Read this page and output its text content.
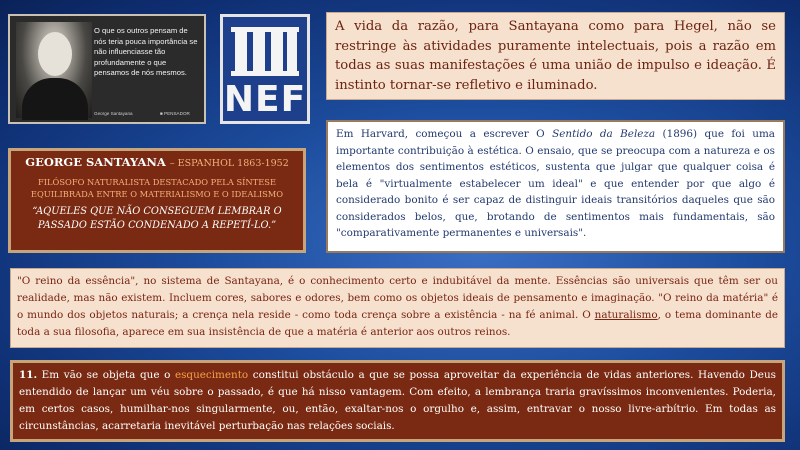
O que os outros pensam de nós teria pouca importância se não influenciasse tão profundamente o que pensamos de nós mesmos.
George Santayana	■ PENSADOR NEF
A vida da razão, para Santayana como para Hegel, não se restringe às atividades puramente intelectuais, pois a razão em todas as suas manifestações é uma união de impulso e ideação. É instinto tornar-se refletivo e iluminado.
GEORGE SANTAYANA – ESPANHOL 1863-1952
FILÓSOFO NATURALISTA DESTACADO PELA SÍNTESE EQUILIBRADA ENTRE O MATERIALISMO E O IDEALISMO
“AQUELES QUE NÃO CONSEGUEM LEMBRAR O PASSADO ESTÃO CONDENADO A REPETÍ-LO.”
Em Harvard, começou a escrever O Sentido da Beleza (1896) que foi uma importante contribuição à estética. O ensaio, que se preocupa com a natureza e os elementos dos sentimentos estéticos, sustenta que julgar que qualquer coisa é bela é "virtualmente estabelecer um ideal" e que entender por que algo é considerado bonito é ser capaz de distinguir ideais transitórios daqueles que são considerados belos, que, brotando de sentimentos mais fundamentais, são "comparativamente permanentes e universais".
"O reino da essência", no sistema de Santayana, é o conhecimento certo e indubitável da mente. Essências são universais que têm ser ou realidade, mas não existem. Incluem cores, sabores e odores, bem como os objetos ideais de pensamento e imaginação. "O reino da matéria" é o mundo dos objetos naturais; a crença nela reside - como toda crença sobre a existência - na fé animal. O naturalismo, o tema dominante de toda a sua filosofia, aparece em sua insistência de que a matéria é anterior aos outros reinos.
11. Em vão se objeta que o esquecimento constitui obstáculo a que se possa aproveitar da experiência de vidas anteriores. Havendo Deus entendido de lançar um véu sobre o passado, é que há nisso vantagem. Com efeito, a lembrança traria gravíssimos inconvenientes. Poderia, em certos casos, humilhar-nos singularmente, ou, então, exaltar-nos o orgulho e, assim, entravar o nosso livre-arbítrio. Em todas as circunstâncias, acarretaria inevitável perturbação nas relações sociais.
